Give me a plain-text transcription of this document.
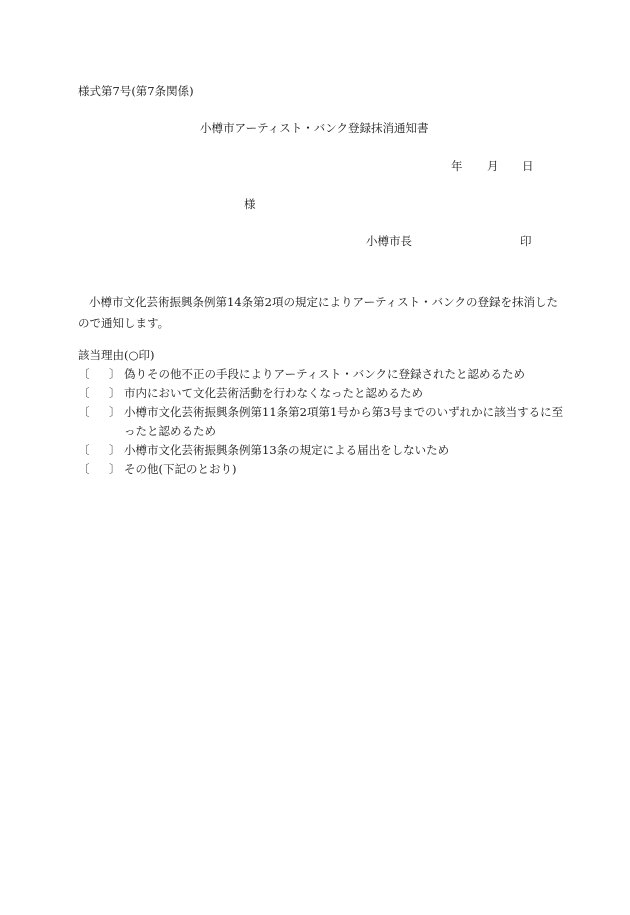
様式第7号(第7条関係)
小樽市アーティスト・バンク登録抹消通知書
年 月 日
様
小樽市長	印
小樽市文化芸術振興条例第14条第2項の規定によりアーティスト・バンクの登録を抹消したので通知します。
該当理由(○印)
〔　〕 偽りその他不正の手段によりアーティスト・バンクに登録されたと認めるため
〔　〕 市内において文化芸術活動を行わなくなったと認めるため
〔　〕 小樽市文化芸術振興条例第11条第2項第1号から第3号までのいずれかに該当するに至ったと認めるため
〔　〕 小樽市文化芸術振興条例第13条の規定による届出をしないため
〔　〕 その他(下記のとおり)
